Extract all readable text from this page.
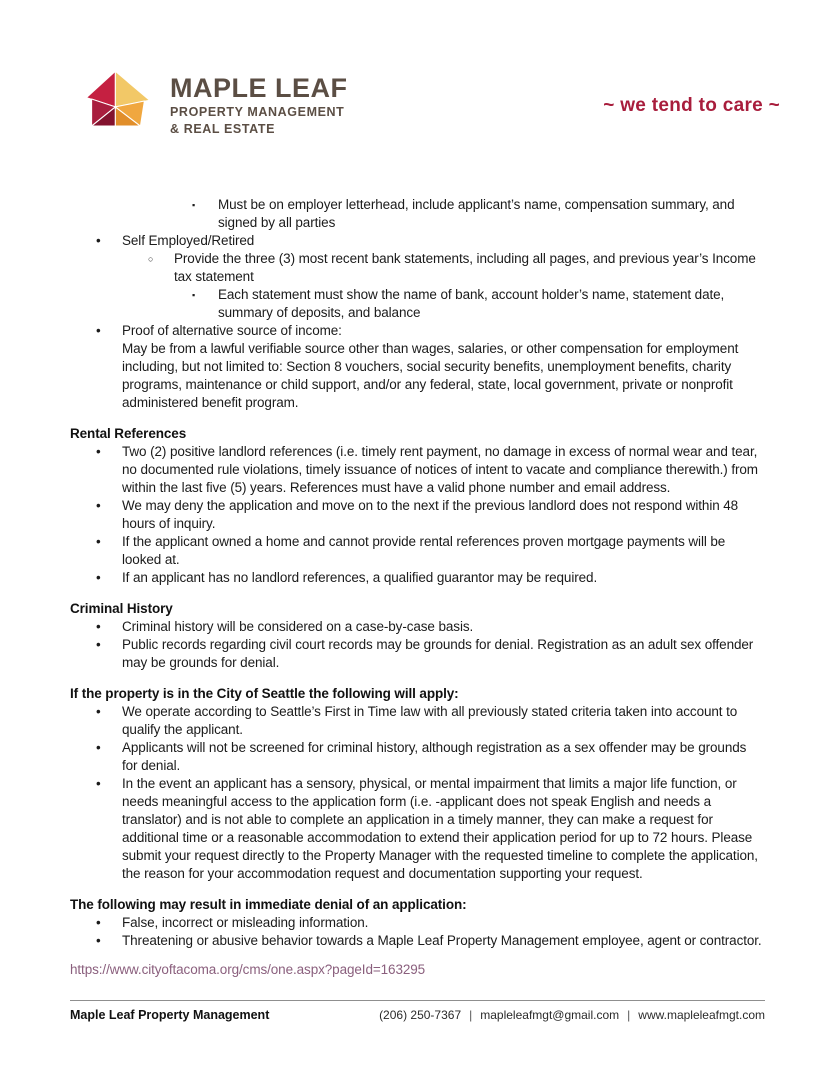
MAPLE LEAF
PROPERTY MANAGEMENT
& REAL ESTATE
~ we tend to care ~
▪	Must be on employer letterhead, include applicant’s name, compensation summary, and signed by all parties
•	Self Employed/Retired
○	Provide the three (3) most recent bank statements, including all pages, and previous year’s Income tax statement
▪	Each statement must show the name of bank, account holder’s name, statement date, summary of deposits, and balance
•	Proof of alternative source of income:
May be from a lawful verifiable source other than wages, salaries, or other compensation for employment including, but not limited to: Section 8 vouchers, social security benefits, unemployment benefits, charity programs, maintenance or child support, and/or any federal, state, local government, private or nonprofit administered benefit program.
Rental References
•	Two (2) positive landlord references (i.e. timely rent payment, no damage in excess of normal wear and tear, no documented rule violations, timely issuance of notices of intent to vacate and compliance therewith.) from within the last five (5) years. References must have a valid phone number and email address.
•	We may deny the application and move on to the next if the previous landlord does not respond within 48 hours of inquiry.
•	If the applicant owned a home and cannot provide rental references proven mortgage payments will be looked at.
•	If an applicant has no landlord references, a qualified guarantor may be required.
Criminal History
•	Criminal history will be considered on a case-by-case basis.
•	Public records regarding civil court records may be grounds for denial. Registration as an adult sex offender may be grounds for denial.
If the property is in the City of Seattle the following will apply:
•	We operate according to Seattle’s First in Time law with all previously stated criteria taken into account to qualify the applicant.
•	Applicants will not be screened for criminal history, although registration as a sex offender may be grounds for denial.
•	In the event an applicant has a sensory, physical, or mental impairment that limits a major life function, or needs meaningful access to the application form (i.e. -applicant does not speak English and needs a translator) and is not able to complete an application in a timely manner, they can make a request for additional time or a reasonable accommodation to extend their application period for up to 72 hours. Please submit your request directly to the Property Manager with the requested timeline to complete the application, the reason for your accommodation request and documentation supporting your request.
The following may result in immediate denial of an application:
•	False, incorrect or misleading information.
•	Threatening or abusive behavior towards a Maple Leaf Property Management employee, agent or contractor.
https://www.cityoftacoma.org/cms/one.aspx?pageId=163295
Maple Leaf Property Management	(206) 250-7367 | mapleleafmgt@gmail.com | www.mapleleafmgt.com
